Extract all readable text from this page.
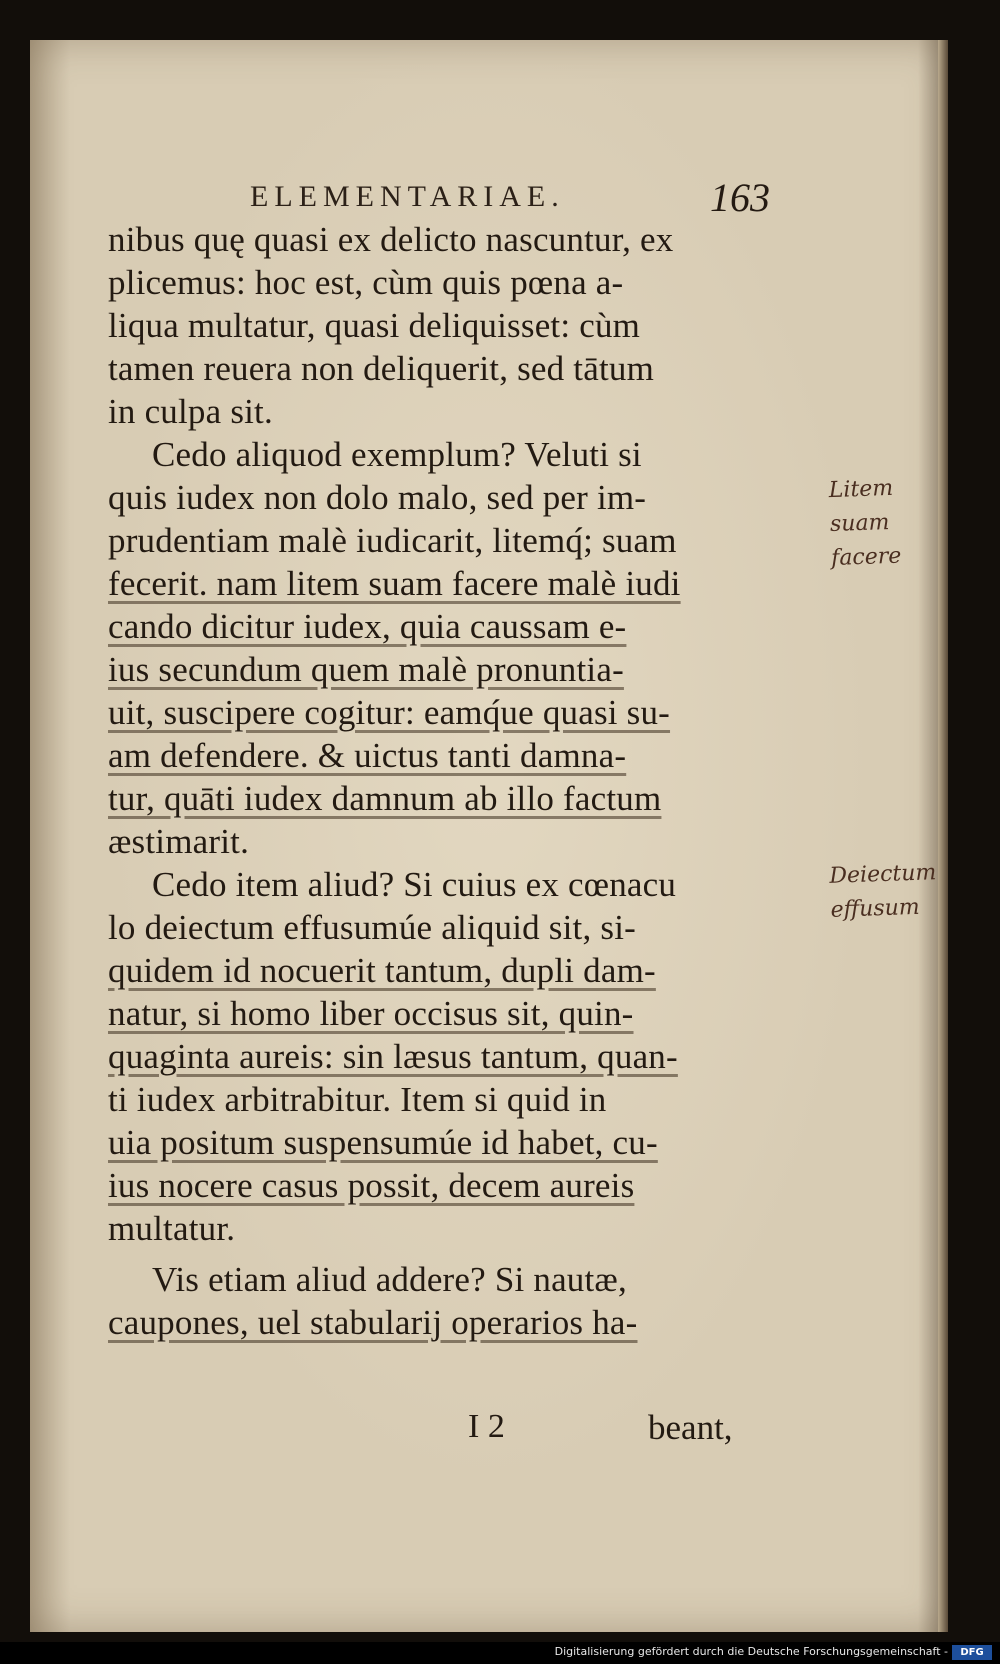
ELEMENTARIAE.	163
nibus quę quasi ex delicto nascuntur, ex
plicemus: hoc est, cùm quis pœna a-
liqua multatur, quasi deliquisset: cùm
tamen reuera non deliquerit, sed tātum
in culpa sit.
Cedo aliquod exemplum? Veluti si
quis iudex non dolo malo, sed per im-
prudentiam malè iudicarit, litemq́; suam
fecerit. nam litem suam facere malè iudi
cando dicitur iudex, quia caussam e-
ius secundum quem malè pronuntia-
uit, suscipere cogitur: eamq́ue quasi su-
am defendere. & uictus tanti damna-
tur, quāti iudex damnum ab illo factum
æstimarit.
Cedo item aliud? Si cuius ex cœnacu
lo deiectum effusumúe aliquid sit, si-
quidem id nocuerit tantum, dupli dam-
natur, si homo liber occisus sit, quin-
quaginta aureis: sin læsus tantum, quan-
ti iudex arbitrabitur. Item si quid in
uia positum suspensumúe id habet, cu-
ius nocere casus possit, decem aureis
multatur.
Vis etiam aliud addere? Si nautæ,
caupones, uel stabularij operarios ha-
I 2	beant,
Litem suam
facere
Deiectum
effusum
Digitalisierung gefördert durch die Deutsche Forschungsgemeinschaft -	DFG
